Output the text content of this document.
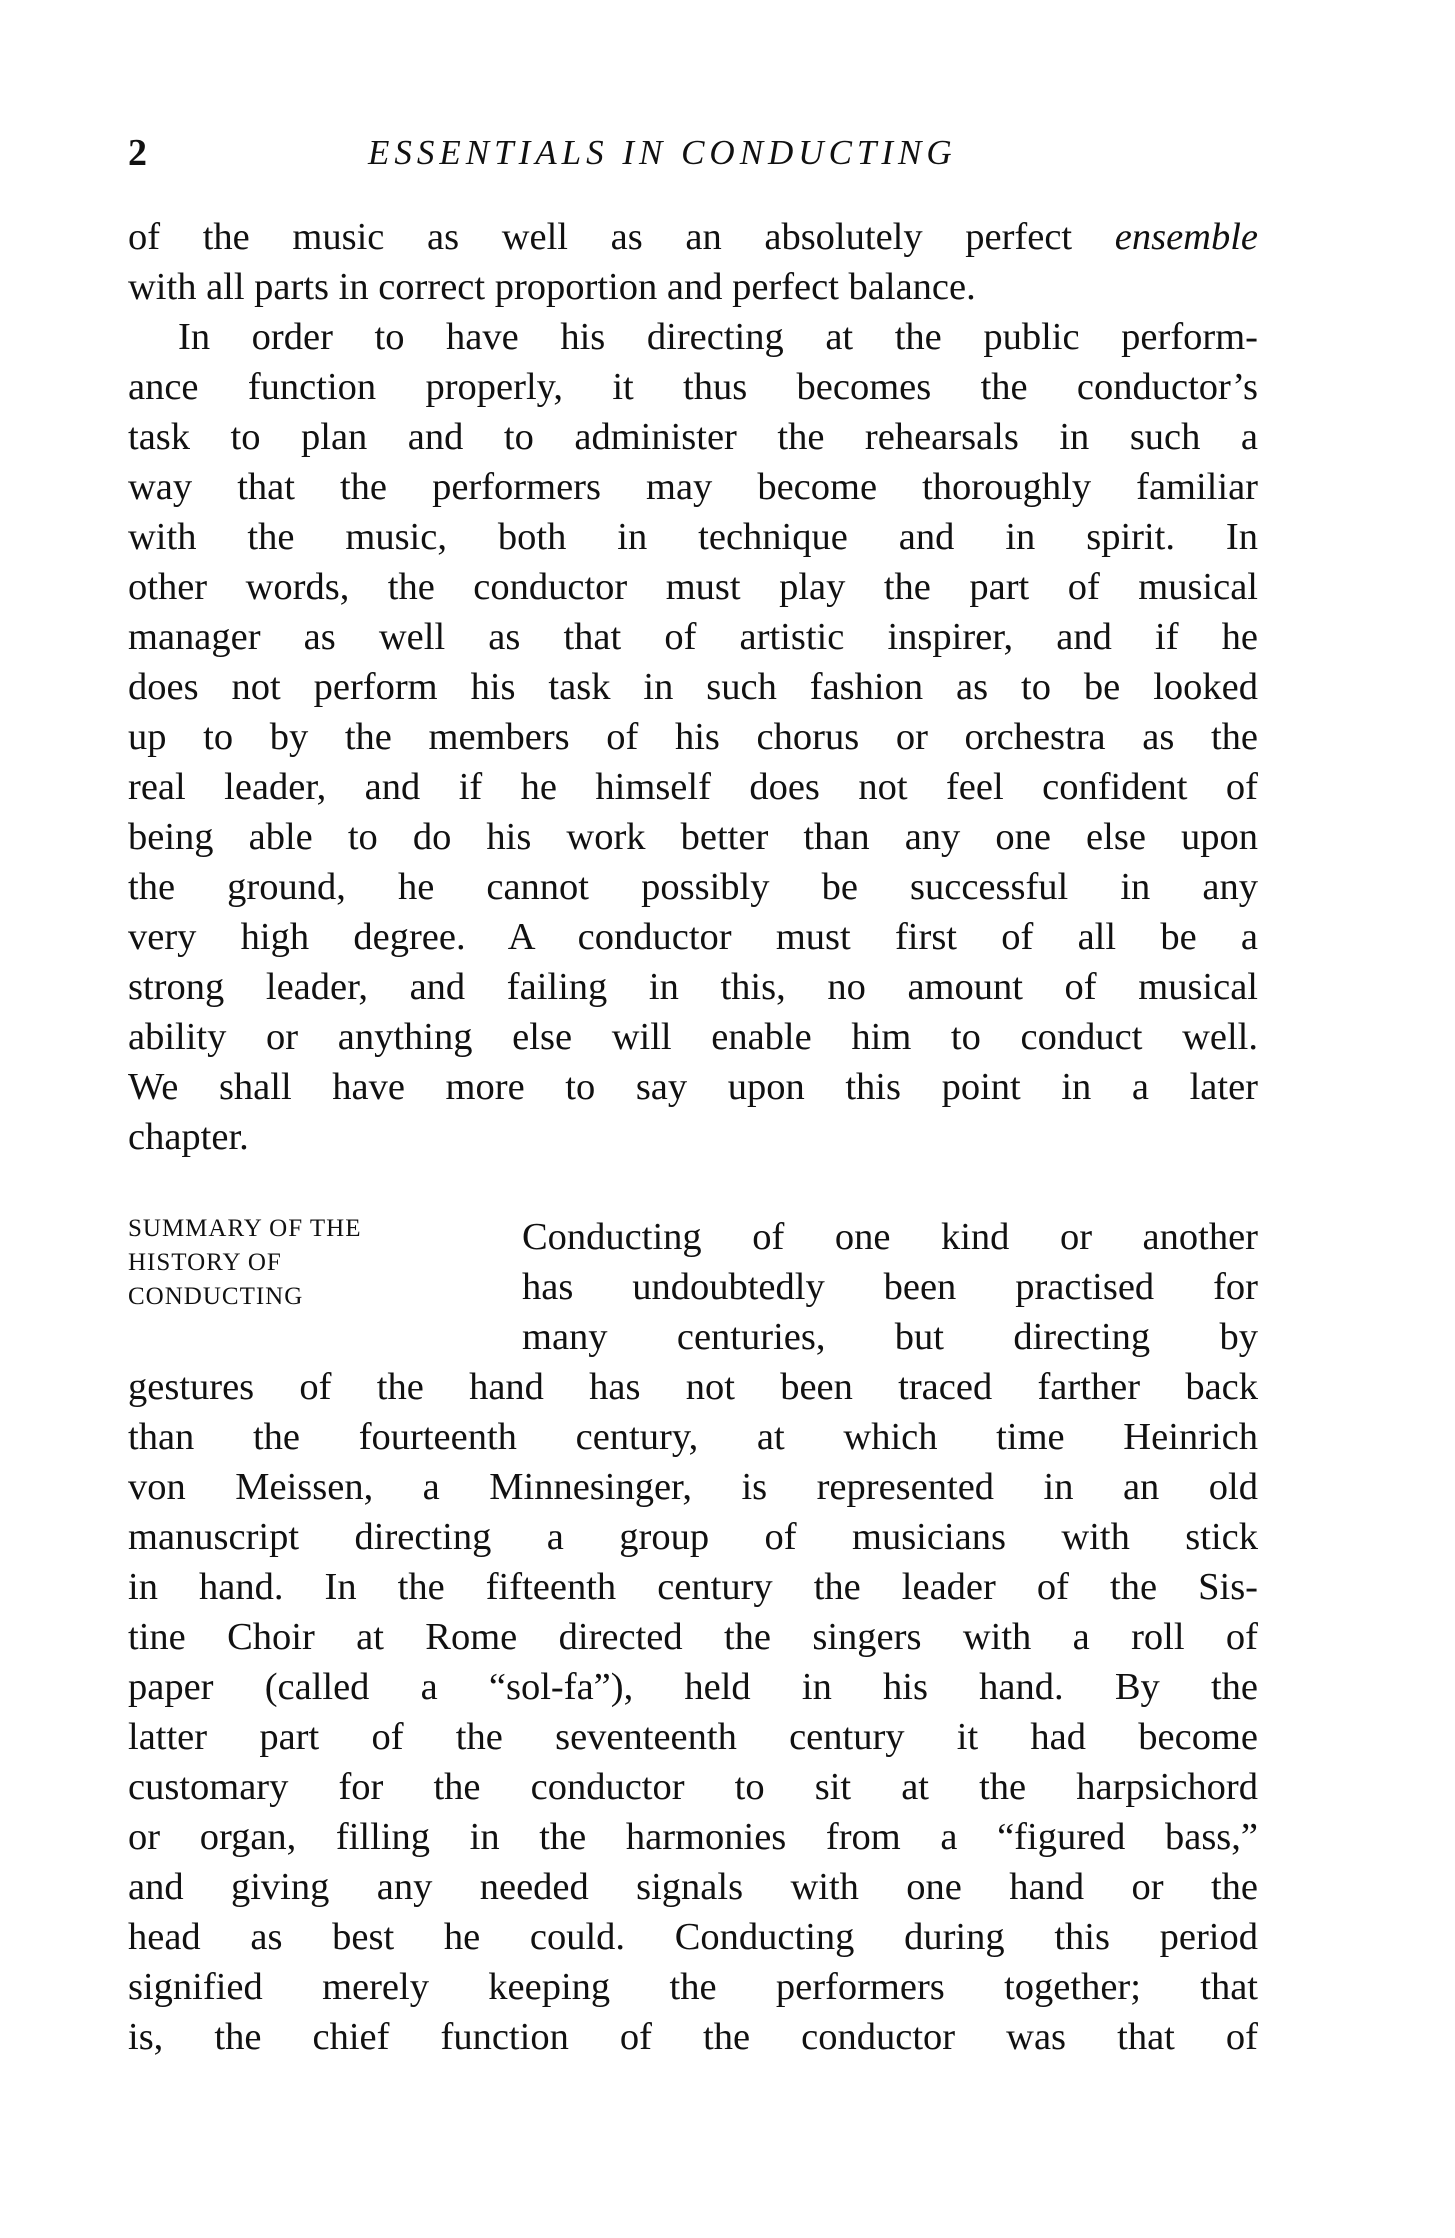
2	ESSENTIALS IN CONDUCTING
of the music as well as an absolutely perfect ensemble
with all parts in correct proportion and perfect balance.
In order to have his directing at the public perform-
ance function properly, it thus becomes the conductor’s
task to plan and to administer the rehearsals in such a
way that the performers may become thoroughly familiar
with the music, both in technique and in spirit. In
other words, the conductor must play the part of musical
manager as well as that of artistic inspirer, and if he
does not perform his task in such fashion as to be looked
up to by the members of his chorus or orchestra as the
real leader, and if he himself does not feel confident of
being able to do his work better than any one else upon
the ground, he cannot possibly be successful in any
very high degree. A conductor must first of all be a
strong leader, and failing in this, no amount of musical
ability or anything else will enable him to conduct well.
We shall have more to say upon this point in a later
chapter.
SUMMARY OF THE
HISTORY OF
CONDUCTING
Conducting of one kind or another
has undoubtedly been practised for
many centuries, but directing by
gestures of the hand has not been traced farther back
than the fourteenth century, at which time Heinrich
von Meissen, a Minnesinger, is represented in an old
manuscript directing a group of musicians with stick
in hand. In the fifteenth century the leader of the Sis-
tine Choir at Rome directed the singers with a roll of
paper (called a “sol-fa”), held in his hand. By the
latter part of the seventeenth century it had become
customary for the conductor to sit at the harpsichord
or organ, filling in the harmonies from a “figured bass,”
and giving any needed signals with one hand or the
head as best he could. Conducting during this period
signified merely keeping the performers together; that
is, the chief function of the conductor was that of
